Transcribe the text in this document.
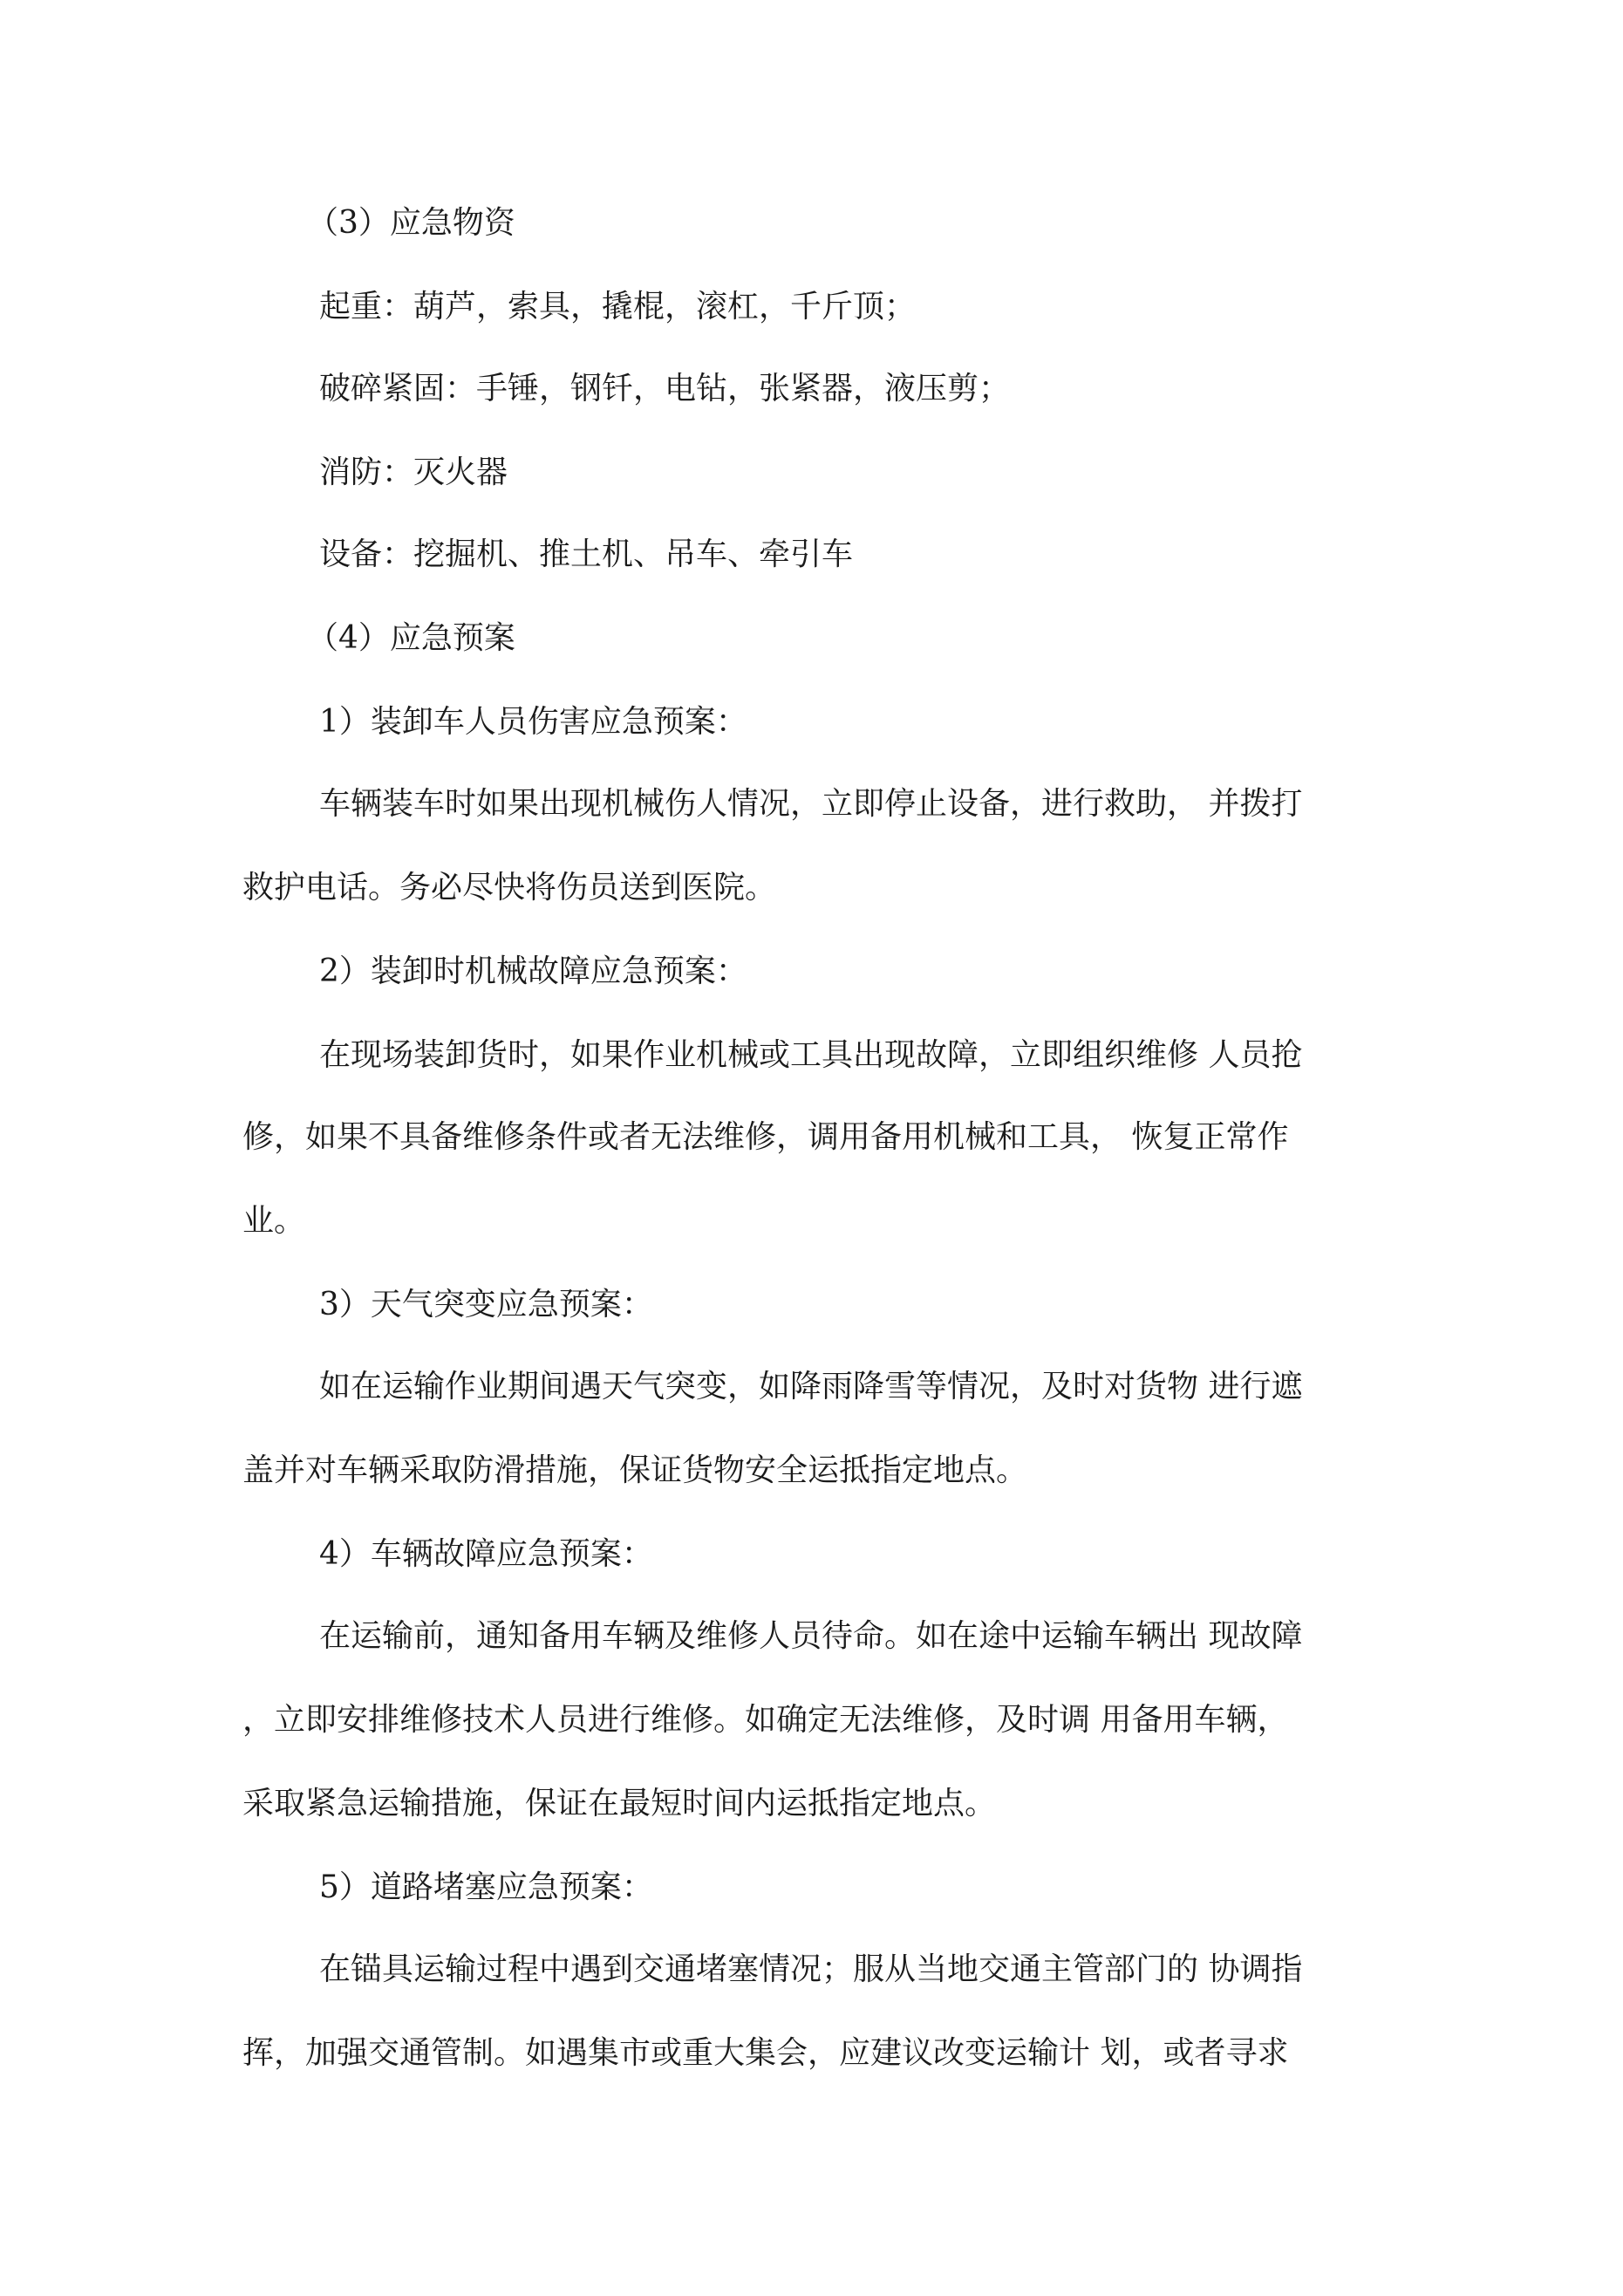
（3）应急物资
起重：葫芦，索具，撬棍，滚杠，千斤顶；
破碎紧固：手锤，钢钎，电钻，张紧器，液压剪；
消防：灭火器
设备：挖掘机、推土机、吊车、牵引车
（4）应急预案
1）装卸车人员伤害应急预案：
车辆装车时如果出现机械伤人情况，立即停止设备，进行救助， 并拨打
救护电话。务必尽快将伤员送到医院。
2）装卸时机械故障应急预案：
在现场装卸货时，如果作业机械或工具出现故障，立即组织维修 人员抢
修，如果不具备维修条件或者无法维修，调用备用机械和工具， 恢复正常作
业。
3）天气突变应急预案：
如在运输作业期间遇天气突变，如降雨降雪等情况，及时对货物 进行遮
盖并对车辆采取防滑措施，保证货物安全运抵指定地点。
4）车辆故障应急预案：
在运输前，通知备用车辆及维修人员待命。如在途中运输车辆出 现故障
，立即安排维修技术人员进行维修。如确定无法维修，及时调 用备用车辆，
采取紧急运输措施，保证在最短时间内运抵指定地点。
5）道路堵塞应急预案：
在锚具运输过程中遇到交通堵塞情况；服从当地交通主管部门的 协调指
挥，加强交通管制。如遇集市或重大集会，应建议改变运输计 划，或者寻求
